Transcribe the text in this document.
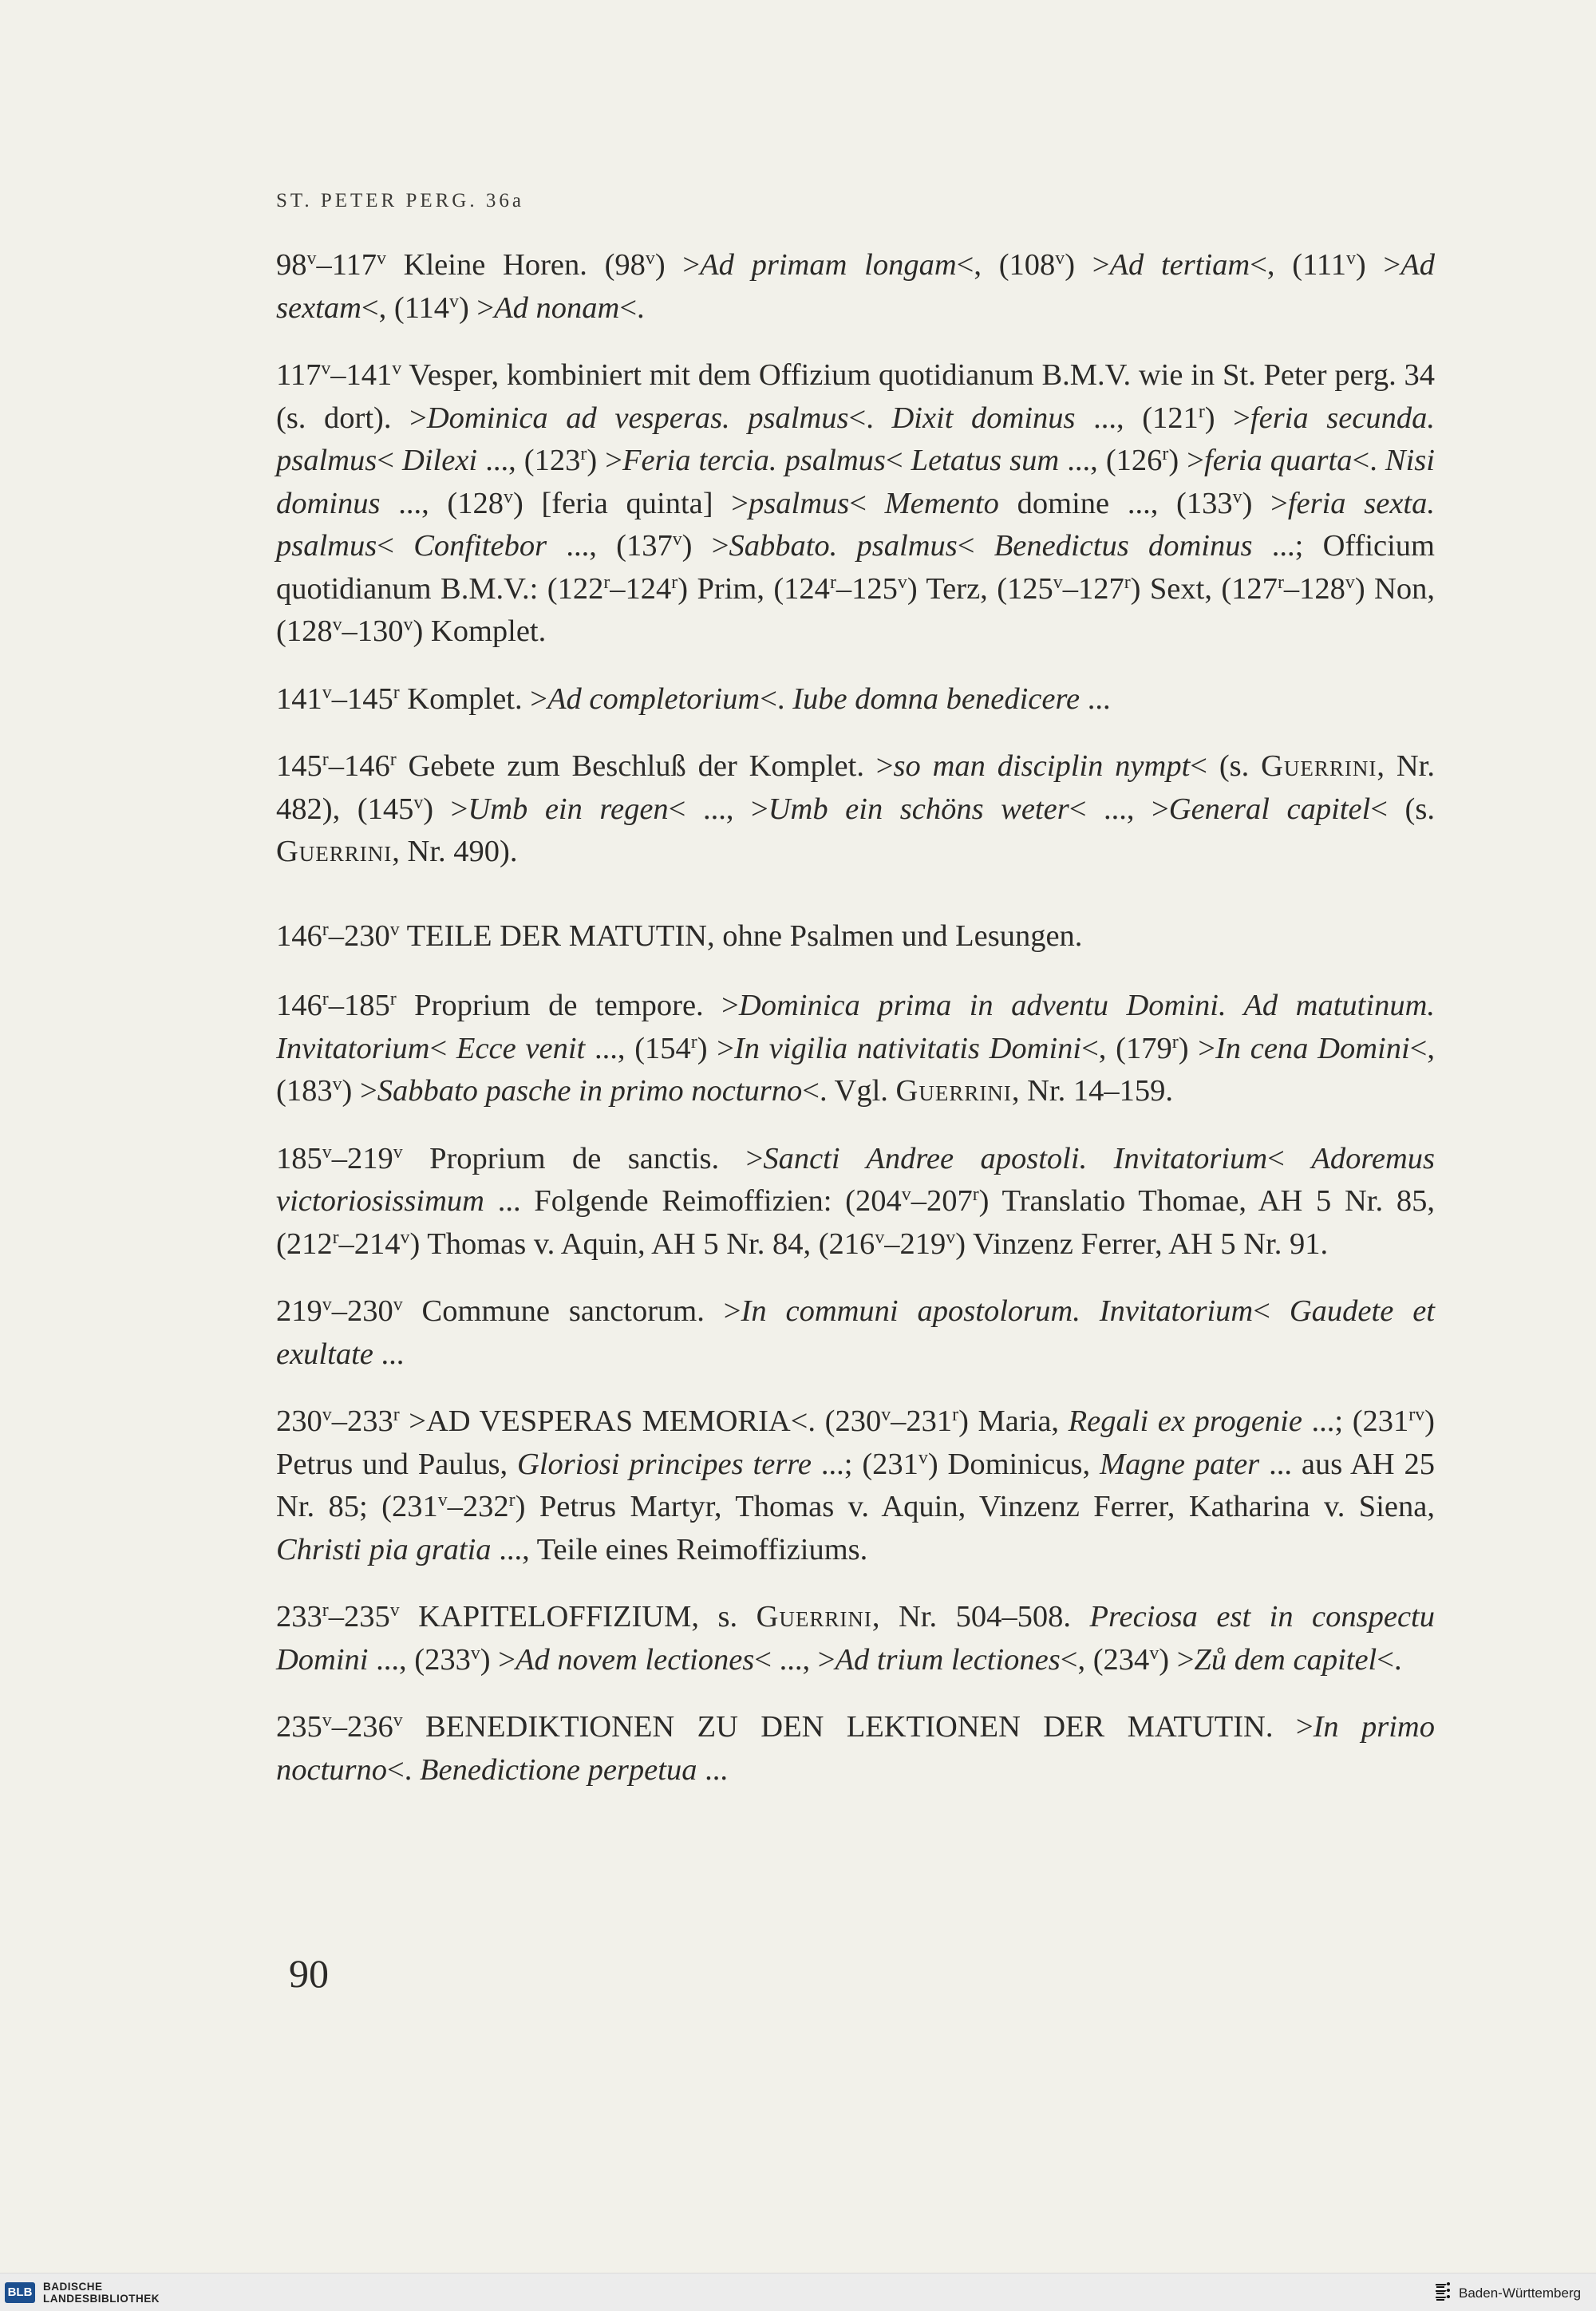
ST. PETER PERG. 36a

98$^v$–117$^v$ Kleine Horen. $(98^v) >Ad$ primam longam<, $(108^v) >Ad$ tertiam<, $(111^v) >Ad$ sextam<, $(114^v) >Ad$ nonam<.

117$^v$–141$^v$ Vesper, kombiniert mit dem Offizium quotidianum B.M.V. wie in St. Peter perg. 34 (s. dort). >Dominica ad vesperas. psalmus<. Dixit dominus ..., $(121^r)$ >feria secunda. psalmus< Dilexi ..., $(123^r)$ >Feria tercia. psalmus< Letatus sum ..., $(126^r)$ >feria quarta<. Nisi dominus ..., (128$^v$) [feria quinta] >psalmus< Memento domine ..., $(133^v)$ >feria sexta. psalmus< Confitebor ..., $(137^v)$ >Sabbato. psalmus< Benedictus dominus ...; Officium quotidianum B.M.V.: (122$^r$–124$^r$) Prim, (124$^r$–125$^v$) Terz, (125$^v$–127$^r$) Sext, (127$^r$–128$^v$) Non, (128$^v$–130$^v$) Komplet.

141$^v$–145$^r$ Komplet. >Ad completorium<. Iube domna benedicere ...

145$^r$–146$^r$ Gebete zum Beschluß der Komplet. >so man disciplin nympt< (s. Guerrini, Nr. 482), $(145^v) >Umb$ ein regen< ..., >Umb ein schöns weter< ..., >General capitel< (s. Guerrini, Nr. 490).

146$^r$–230$^v$ TEILE DER MATUTIN, ohne Psalmen und Lesungen.

146$^r$–185$^r$ Proprium de tempore. >Dominica prima in adventu Domini. Ad matutinum. Invitatorium< Ecce venit ..., $(154^r) >In$ vigilia nativitatis Domini<, $(179^r) >In$ cena Domini<, $(183^v)$ >Sabbato pasche in primo nocturno<. Vgl. Guerrini, Nr. 14–159.

185$^v$–219$^v$ Proprium de sanctis. >Sancti Andree apostoli. Invitatorium< Adoremus victoriosissimum ... Folgende Reimoffizien: (204$^v$–207$^r$) Translatio Thomae, AH 5 Nr. 85, (212$^r$–214$^v$) Thomas v. Aquin, AH 5 Nr. 84, (216$^v$–219$^v$) Vinzenz Ferrer, AH 5 Nr. 91.

219$^v$–230$^v$ Commune sanctorum. >In communi apostolorum. Invitatorium< Gaudete et exultate ...

$230^v-233^r >AD$ VESPERAS MEMORIA<. (230$^v$–231$^r$) Maria, Regali ex progenie ...; $(231^{rv})$ Petrus und Paulus, Gloriosi principes terre ...; (231$^v$) Dominicus, Magne pater ... aus AH 25 Nr. 85; (231$^v$–232$^r$) Petrus Martyr, Thomas v. Aquin, Vinzenz Ferrer, Katharina v. Siena, Christi pia gratia ..., Teile eines Reimoffiziums.

233$^r$–235$^v$ KAPITELOFFIZIUM, s. Guerrini, Nr. 504–508. Preciosa est in conspectu Domini ..., $(233^v) >Ad$ novem lectiones< ..., >Ad trium lectiones<, $(234^v)$ >Zů dem capitel<.

235$^v$–236$^v$ BENEDIKTIONEN ZU DEN LEKTIONEN DER MATUTIN. >In primo nocturno<. Benedictione perpetua ...

90
BLB BADISCHE
LANDESBIBLIOTHEK	Baden-Württemberg
